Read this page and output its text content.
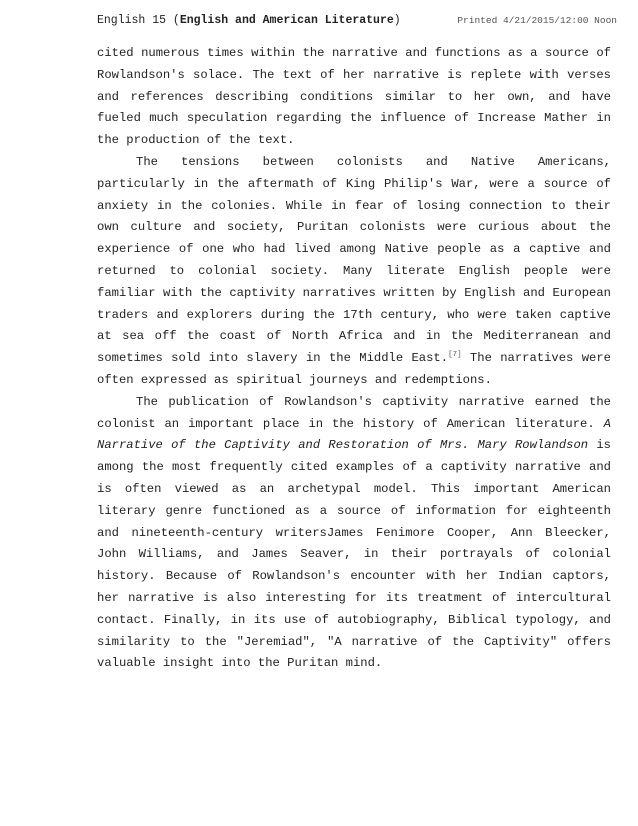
English 15 (English and American Literature)	Printed 4/21/2015/12:00 Noon

cited numerous times within the narrative and functions as a source of Rowlandson's solace. The text of her narrative is replete with verses and references describing conditions similar to her own, and have fueled much speculation regarding the influence of Increase Mather in the production of the text.

The tensions between colonists and Native Americans, particularly in the aftermath of King Philip's War, were a source of anxiety in the colonies. While in fear of losing connection to their own culture and society, Puritan colonists were curious about the experience of one who had lived among Native people as a captive and returned to colonial society. Many literate English people were familiar with the captivity narratives written by English and European traders and explorers during the 17th century, who were taken captive at sea off the coast of North Africa and in the Mediterranean and sometimes sold into slavery in the Middle East.[7] The narratives were often expressed as spiritual journeys and redemptions.

The publication of Rowlandson's captivity narrative earned the colonist an important place in the history of American literature. A Narrative of the Captivity and Restoration of Mrs. Mary Rowlandson is among the most frequently cited examples of a captivity narrative and is often viewed as an archetypal model. This important American literary genre functioned as a source of information for eighteenth and nineteenth-century writersJames Fenimore Cooper, Ann Bleecker, John Williams, and James Seaver, in their portrayals of colonial history. Because of Rowlandson's encounter with her Indian captors, her narrative is also interesting for its treatment of intercultural contact. Finally, in its use of autobiography, Biblical typology, and similarity to the "Jeremiad", "A narrative of the Captivity" offers valuable insight into the Puritan mind.
